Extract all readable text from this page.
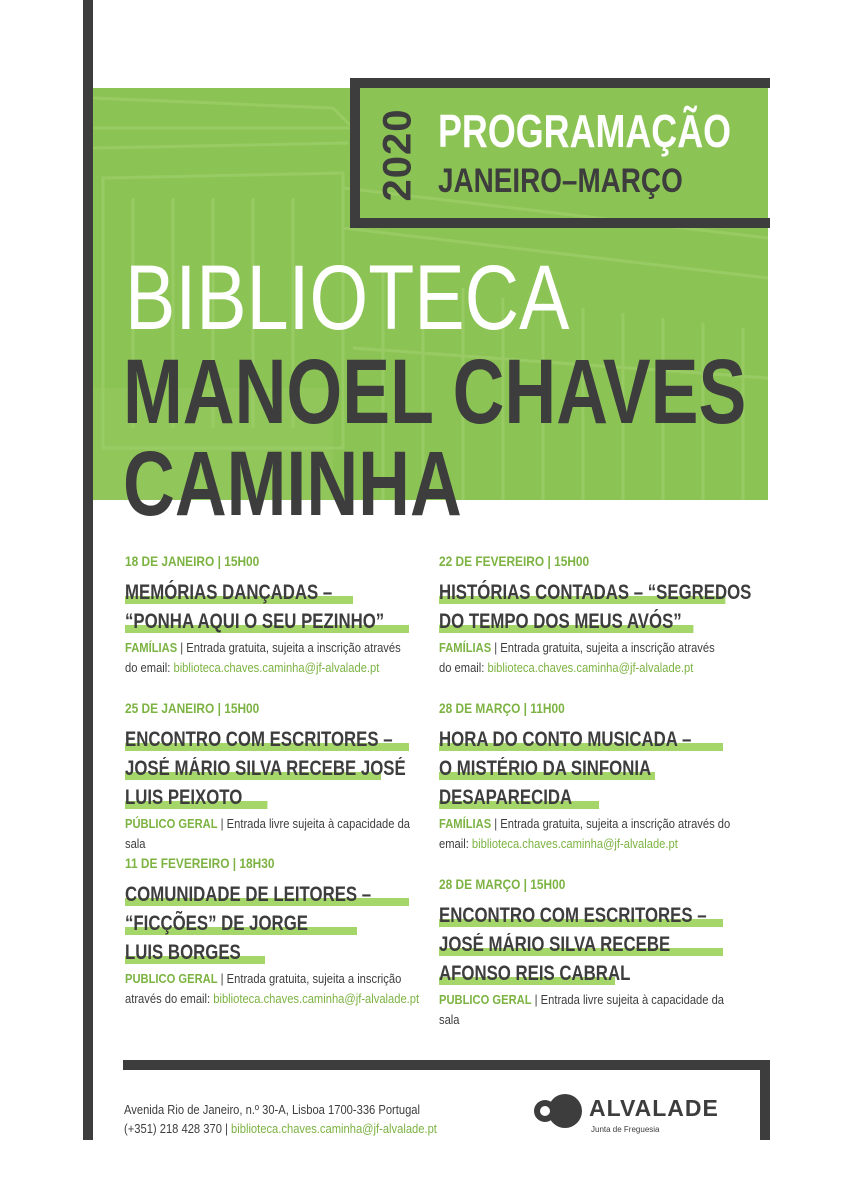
2020 PROGRAMAÇÃO
JANEIRO–MARÇO
BIBLIOTECA
MANOEL CHAVES
CAMINHA
18 DE JANEIRO | 15H00
MEMÓRIAS DANÇADAS –
“PONHA AQUI O SEU PEZINHO”
FAMÍLIAS | Entrada gratuita, sujeita a inscrição através
do email: biblioteca.chaves.caminha@jf-alvalade.pt
25 DE JANEIRO | 15H00
ENCONTRO COM ESCRITORES –
JOSÉ MÁRIO SILVA RECEBE JOSÉ
LUIS PEIXOTO
PÚBLICO GERAL | Entrada livre sujeita à capacidade da sala
11 DE FEVEREIRO | 18H30
COMUNIDADE DE LEITORES –
“FICÇÕES” DE JORGE
LUIS BORGES
PUBLICO GERAL | Entrada gratuita, sujeita a inscrição
através do email: biblioteca.chaves.caminha@jf-alvalade.pt
22 DE FEVEREIRO | 15H00
HISTÓRIAS CONTADAS – “SEGREDOS
DO TEMPO DOS MEUS AVÓS”
FAMÍLIAS | Entrada gratuita, sujeita a inscrição através
do email: biblioteca.chaves.caminha@jf-alvalade.pt
28 DE MARÇO | 11H00
HORA DO CONTO MUSICADA –
O MISTÉRIO DA SINFONIA
DESAPARECIDA
FAMÍLIAS | Entrada gratuita, sujeita a inscrição através do
email: biblioteca.chaves.caminha@jf-alvalade.pt
28 DE MARÇO | 15H00
ENCONTRO COM ESCRITORES –
JOSÉ MÁRIO SILVA RECEBE
AFONSO REIS CABRAL
PUBLICO GERAL | Entrada livre sujeita à capacidade da sala
Avenida Rio de Janeiro, n.º 30-A, Lisboa 1700-336 Portugal
(+351) 218 428 370 | biblioteca.chaves.caminha@jf-alvalade.pt
ALVALADE
Junta de Freguesia
